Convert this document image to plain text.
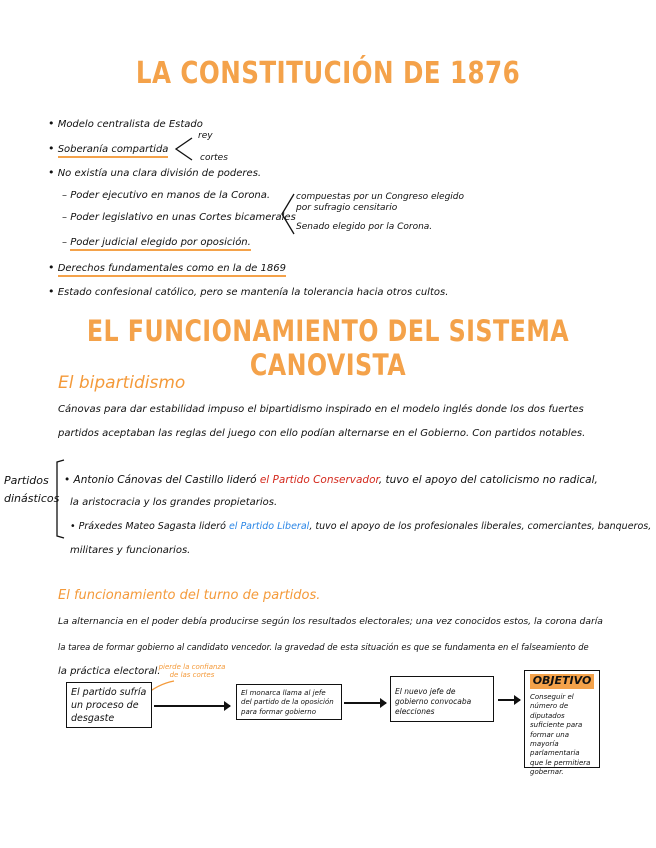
LA CONSTITUCIÓN DE 1876
• Modelo centralista de Estado
• Soberanía compartida
rey
cortes
• No existía una clara división de poderes.
– Poder ejecutivo en manos de la Corona.
– Poder legislativo en unas Cortes bicamerales
compuestas por un Congreso elegido por sufragio censitario
Senado elegido por la Corona.
– Poder judicial elegido por oposición.
• Derechos fundamentales como en la de 1869
• Estado confesional católico, pero se mantenía la tolerancia hacia otros cultos.
EL FUNCIONAMIENTO DEL SISTEMA CANOVISTA
El bipartidismo
Cánovas para dar estabilidad impuso el bipartidismo inspirado en el modelo inglés donde los dos fuertes
partidos aceptaban las reglas del juego con ello podían alternarse en el Gobierno. Con partidos notables.
Partidos
dinásticos
• Antonio Cánovas del Castillo lideró el Partido Conservador, tuvo el apoyo del catolicismo no radical,
la aristocracia y los grandes propietarios.
• Práxedes Mateo Sagasta lideró el Partido Liberal, tuvo el apoyo de los profesionales liberales, comerciantes, banqueros,
militares y funcionarios.
El funcionamiento del turno de partidos.
La alternancia en el poder debía producirse según los resultados electorales; una vez conocidos estos, la corona daría
la tarea de formar gobierno al candidato vencedor. la gravedad de esta situación es que se fundamenta en el falseamiento de
la práctica electoral.
pierde la confianza de las cortes
El partido sufría un proceso de desgaste
El monarca llama al jefe del partido de la oposición para formar gobierno
El nuevo jefe de gobierno convocaba elecciones
OBJETIVO
Conseguir el número de diputados suficiente para formar una mayoría parlamentaria que le permitiera gobernar.
